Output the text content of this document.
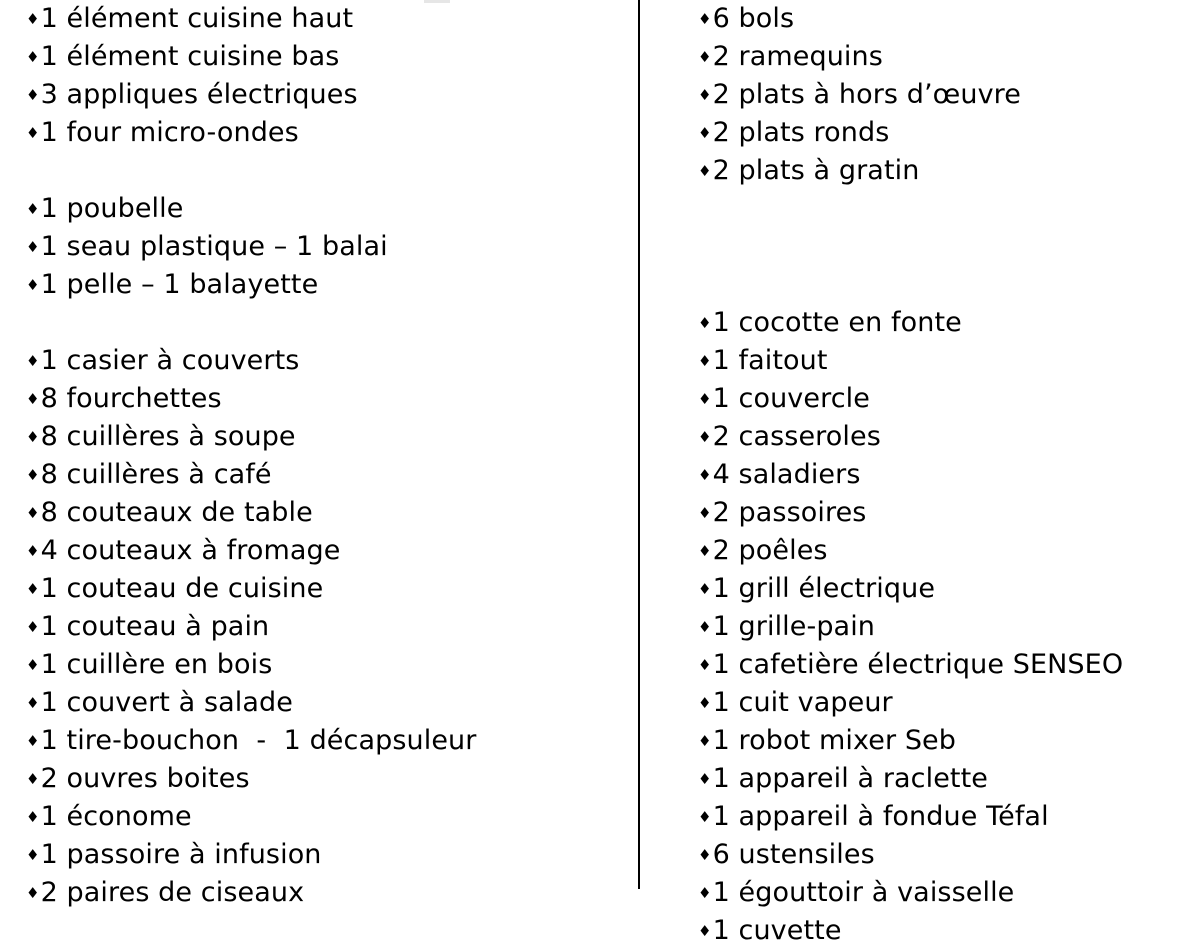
♦1 élément cuisine haut
♦1 élément cuisine bas
♦3 appliques électriques
♦1 four micro-ondes

♦1 poubelle
♦1 seau plastique – 1 balai
♦1 pelle – 1 balayette

♦1 casier à couverts
♦8 fourchettes
♦8 cuillères à soupe
♦8 cuillères à café
♦8 couteaux de table
♦4 couteaux à fromage
♦1 couteau de cuisine
♦1 couteau à pain
♦1 cuillère en bois
♦1 couvert à salade
♦1 tire-bouchon  -  1 décapsuleur
♦2 ouvres boites
♦1 économe
♦1 passoire à infusion
♦2 paires de ciseaux
♦6 bols
♦2 ramequins
♦2 plats à hors d’œuvre
♦2 plats ronds
♦2 plats à gratin

♦1 cocotte en fonte
♦1 faitout
♦1 couvercle
♦2 casseroles
♦4 saladiers
♦2 passoires
♦2 poêles
♦1 grill électrique
♦1 grille-pain
♦1 cafetière électrique SENSEO
♦1 cuit vapeur
♦1 robot mixer Seb
♦1 appareil à raclette
♦1 appareil à fondue Téfal
♦6 ustensiles
♦1 égouttoir à vaisselle
♦1 cuvette
